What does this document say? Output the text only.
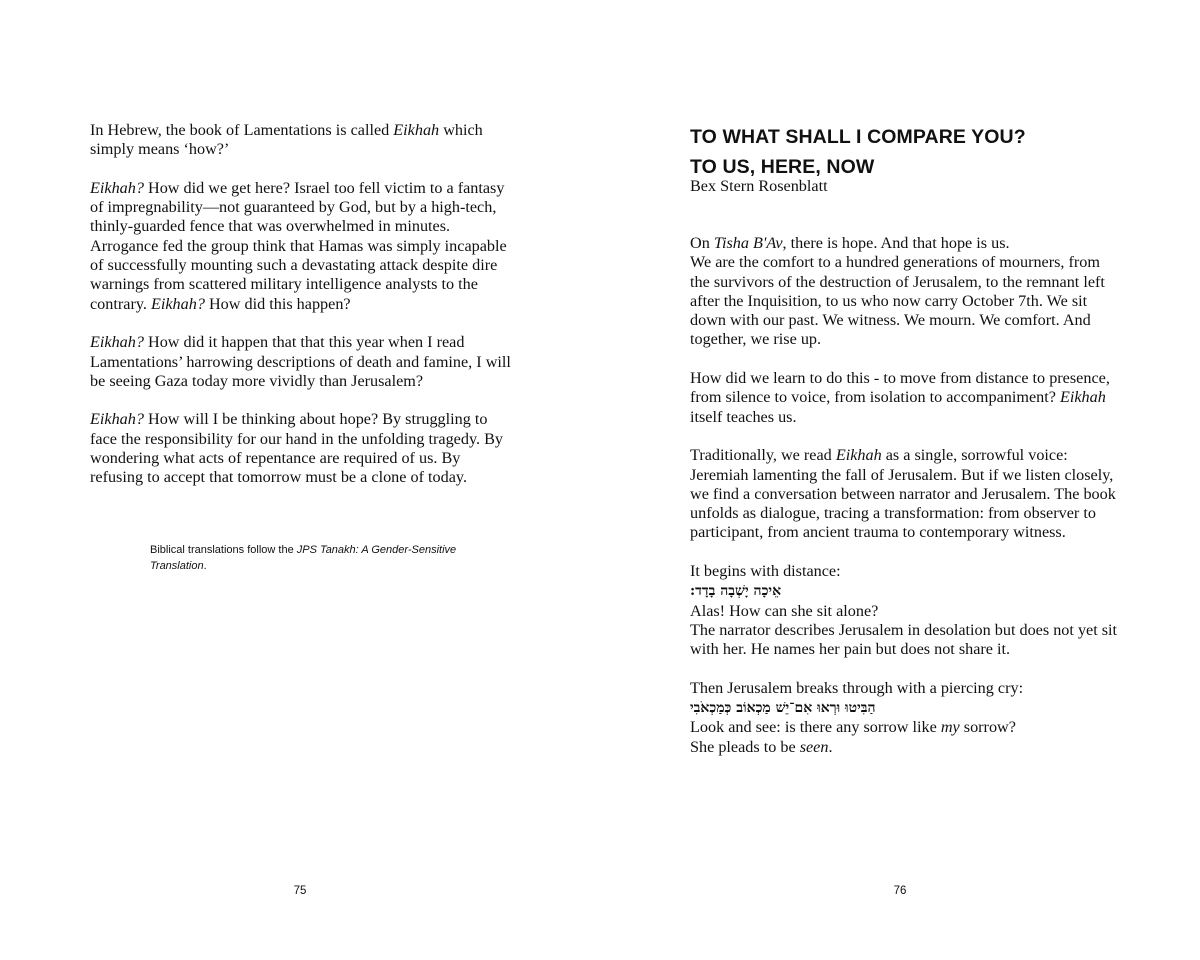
In Hebrew, the book of Lamentations is called Eikhah which simply means ‘how?’

Eikhah? How did we get here? Israel too fell victim to a fantasy of impregnability—not guaranteed by God, but by a high-tech, thinly-guarded fence that was overwhelmed in minutes. Arrogance fed the group think that Hamas was simply incapable of successfully mounting such a devastating attack despite dire warnings from scattered military intelligence analysts to the contrary. Eikhah? How did this happen?

Eikhah? How did it happen that that this year when I read Lamentations’ harrowing descriptions of death and famine, I will be seeing Gaza today more vividly than Jerusalem?

Eikhah? How will I be thinking about hope? By struggling to face the responsibility for our hand in the unfolding tragedy. By wondering what acts of repentance are required of us. By refusing to accept that tomorrow must be a clone of today.

Biblical translations follow the JPS Tanakh: A Gender-Sensitive Translation.
75
TO WHAT SHALL I COMPARE YOU?
TO US, HERE, NOW
Bex Stern Rosenblatt

On Tisha B'Av, there is hope. And that hope is us.
We are the comfort to a hundred generations of mourners, from the survivors of the destruction of Jerusalem, to the remnant left after the Inquisition, to us who now carry October 7th. We sit down with our past. We witness. We mourn. We comfort. And together, we rise up.

How did we learn to do this - to move from distance to presence, from silence to voice, from isolation to accompaniment? Eikhah itself teaches us.

Traditionally, we read Eikhah as a single, sorrowful voice: Jeremiah lamenting the fall of Jerusalem. But if we listen closely, we find a conversation between narrator and Jerusalem. The book unfolds as dialogue, tracing a transformation: from observer to participant, from ancient trauma to contemporary witness.

It begins with distance:
אֵיכָה יָשְׁבָה בָדָד:
Alas! How can she sit alone?
The narrator describes Jerusalem in desolation but does not yet sit with her. He names her pain but does not share it.

Then Jerusalem breaks through with a piercing cry:
הַבִּיטוּ וּרְאוּ אִם־יֵשׁ מַכְאוֹב כְּמַכְאֹבִי
Look and see: is there any sorrow like my sorrow?
She pleads to be seen.

76
